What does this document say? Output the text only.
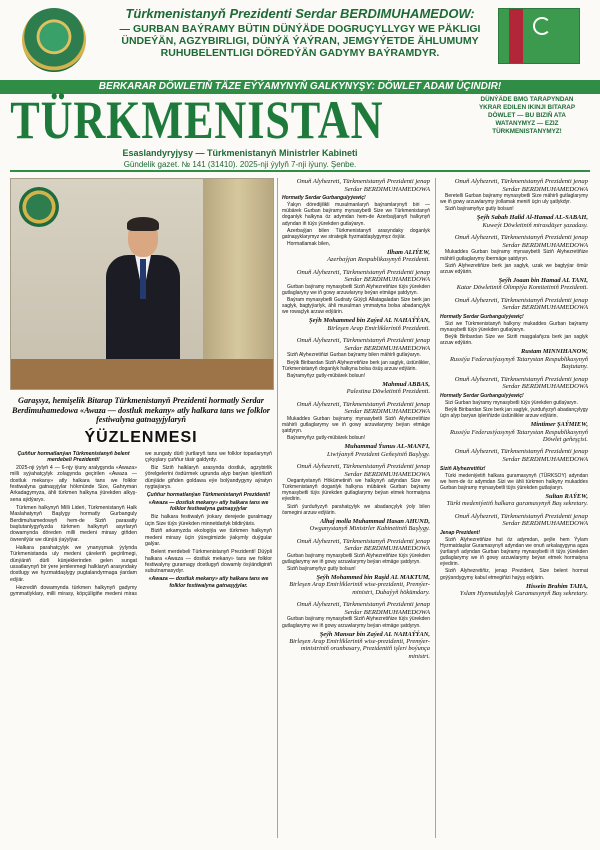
Türkmenistanyň Prezidenti Serdar BERDIMUHAMEDOW:
— GURBAN BAÝRAMY BÜTIN DÜNÝÄDE DOGRUÇYLLYGY WE PÄKLIGI ÜNDEÝÄN, AGZYBIRLIGI, DÜNÝÄ ÝAÝRAN, JEMGYÝETDE ÄHLUMUMY RUHUBELENTLIGI DÖREDÝÄN GADYMY BAÝRAMDYR.
BERKARAR DÖWLETIŇ TÄZE EÝÝAMYNYŇ GALKYNYŞY: DÖWLET ADAM ÜÇINDIR!
TÜRKMENISTAN	DÜNÝÄDE BMG TARAPYNDAN YKRAR EDILEN IKINJI BITARAP DÖWLET — BU BIZIŇ ATA WATANYMYZ — EZIZ TÜRKMENISTANYMYZ!
Esaslandyryjysy — Türkmenistanyň Ministrler Kabineti
Gündelik gazet. № 141 (31410). 2025-nji ýylyň 7-nji iýuny. Şenbe.
Garaşsyz, hemişelik Bitarap Türkmenistanyň Prezidenti hormatly Serdar Berdimuhamedowa «Awaza — dostluk mekany» atly halkara tans we folklor festiwalyna gatnaşyjylaryň
ÝÜZLENMESI

Çuňňur hormatlanýan Türkmenistanyň belent merdebeli Prezidenti!

2025-nji ýylyň 4 — 6-njy iýuny aralygynda «Awaza» milli syýahatçylyk zolagynda geçirilen «Awaza — dostluk mekany» atly halkara tans we folklor festiwalyna gatnaşyjylar hökmünde Size, Gahryman Arkadagymyza, ähli türkmen halkyna ýürekden alkyş-sena aýdýarys.

Türkmen halkynyň Milli Lideri, Türkmenistanyň Halk Maslahatynyň Başlygy hormatly Gurbanguly Berdimuhamedowyň hem-de Siziň parasatly baştutanlygyňyzda türkmen halkynyň asyrlaryň dowamynda döreden milli medeni mirasy giňden öwrenilýär we dünýä ýaýylýar.

Halkara parahatçylyk we ynanyşmak ýylynda Türkmenistanda uly medeni çäreleriň geçirilmegi, dünýäniň dürli künjeklerinden gelen sungat ussatlarynyň bir ýere jemlenmegi halklaryň arasyndaky dostlugy we hyzmatdaşlygy pugtalandyrmaga ýardam edýär.

Hezrediň dowamynda türkmen halkynyň gadymy gymmatlyklary, milli mirasy, köpçüligiňe medeni miras we sungaty dürli ýurtlaryň tans we folklor toparlarynyň çykyşlary çuňňur täsir galdyrdy.

Biz Siziň halklaryň arasynda dostluk, agzybirlik ýörelgelerini ösdürmek ugrunda alyp barýan işleriňiziň dünýäde giňden goldawa eýe bolýandygyny aýratyn nygtaýarys.

Çuňňur hormatlanýan Türkmenistanyň Prezidenti!

«Awaza — dostluk mekany» atly halkara tans we folklor festiwalyna gatnaşyjylar

Biz halkara festiwalyň ýokary derejede guralmagy üçin Size tüýs ýürekden minnetdarlyk bildirýäris.

Biziň arkamyzda ekologiýa we türkmen halkynyň medeni mirasy üçin ýüregimizde ýakymly duýgular galýar.

Belent merdebeli Türkmenistanyň Prezidenti! Düýpli halkara «Awaza — dostluk mekany» tans we folklor festiwalyny guramagy dostlugyň dowamly ösýändiginiň subutnamasydyr.

«Awaza — dostluk mekany» atly halkara tans we folklor festiwalyna gatnaşyjylar.

Onuň Alyhezreti, Türkmenistanyň Prezidenti jenap Serdar BERDIMUHAMEDOWA
Hormatly Serdar Gurbangulyýewiç!

Ýakyn döredijilikli musulmanlaryň baýramlarynyň biri — mübärek Gurban baýramy mynasybetli Size we Türkmenistanyň doganlyk halkyna öz adymdan hem-de Azerbaýjanyň halkynyň adyndan iň tüýs ýürekden gutlaýaryn.

Azerbaýjan bilen Türkmenistanyň arasyndaky doganlyk gatnaşyklarymyz we strategik hyzmatdaşlygymyz ösýär.

Hormatlamak bilen,

Ilham ALIÝEW,
Azerbaýjan Respublikasynyň Prezidenti.
Onuň Alyhezreti, Türkmenistanyň Prezidenti jenap Serdar BERDIMUHAMEDOWA

Gurban baýramy mynasybetli Siziň Alyhezretiňize tüýs ýürekden gutlaglaryny we iň gowy arzuwlaryny beýan etmäge şatdyryn.

Baýram mynasybetli Gudraty Güýçli Allatagaladan Size berk jan saglyk, bagtyýarlyk, ähli musulman ymmatyna bolsa abadançylyk we rowaçlyk arzuw edýärin.

Şeýh Mohammed bin Zaýed AL NAHAÝÝAN,
Birleşen Arap Emirlikleriniň Prezidenti.
Onuň Alyhezreti, Türkmenistanyň Prezidenti jenap Serdar BERDIMUHAMEDOWA

Siziň Alyhezretiňizi Gurban baýramy bilen mähirli gutlaýaryn.

Beýik Biribardan Siziň Alyhezretiňize berk jan saglyk, üstünlikler, Türkmenistanyň doganlyk halkyna bolsa ösüş arzuw edýärin.

Baýramyňyz gutly-mübärek bolsun!

Mahmud ABBAS,
Palestina Döwletiniň Prezidenti.
Onuň Alyhezreti, Türkmenistanyň Prezidenti jenap Serdar BERDIMUHAMEDOWA

Mukaddes Gurban baýramy mynasybetli Siziň Alyhezretiňize mähirli gutlaglarymy we iň gowy arzuwlarymy beýan etmäge şatdyryn.

Baýramyňyz gutly-mübärek bolsun!

Muhammad Ýunus AL-MANFI,
Liwiýanyň Prezident Geňeşiniň Başlygy.
Onuň Alyhezreti, Türkmenistanyň Prezidenti jenap Serdar BERDIMUHAMEDOWA

Oegantystanyň Hökümetiniň we halkynyň adyndan Size we Türkmenistanyň doganlyk halkyna mübärek Gurban baýramy mynasybetli tüýs ýürekden gutlaglarymy beýan etmek hormatyna eýedirin.

Siziň ýurduňyzyň parahatçylyk we abadançylyk ýoly bilen ösmegini arzuw edýärin.

Alhaj molla Muhammad Hasan AHUND,
Owganystanyň Ministrler Kabinetiniň Başlygy.
Onuň Alyhezreti, Türkmenistanyň Prezidenti jenap Serdar BERDIMUHAMEDOWA

Gurban baýramy mynasybetli Siziň Alyhezretiňize tüýs ýürekden gutlaglarymy we iň gowy arzuwlarymy beýan etmäge şatdyryn.

Siziň baýramyňyz gutly bolsun!

Şeýh Mohammed bin Raşid AL MAKTUM,
Birleşen Arap Emirlikleriniň wise-prezidenti, Premýer-ministri, Dubaýyň hökümdary.
Onuň Alyhezreti, Türkmenistanyň Prezidenti jenap Serdar BERDIMUHAMEDOWA

Gurban baýramy mynasybetli Siziň Alyhezretiňize tüýs ýürekden gutlaglarymy we iň gowy arzuwlarymy beýan etmäge şatdyryn.

Şeýh Mansur bin Zaýed AL NAHAÝÝAN,
Birleşen Arap Emirlikleriniň wise-prezidenti, Premýer-ministriniň orunbasary, Prezidentiň işleri boýunça ministri.
Onuň Alyhezreti, Türkmenistanyň Prezidenti jenap Serdar BERDIMUHAMEDOWA

Beretelli Gurban baýramy mynasybetli Size mähirli gutlaglarymy we iň gowy arzuwlarymy ýollamak meniň üçin uly şatlykdyr.

Siziň baýramyňyz gutly bolsun!

Şeýh Sabah Halid Al-Hamad AL-SABAH,
Kuweýt Döwletiniň mirasdüşer şazadasy.
Onuň Alyhezreti, Türkmenistanyň Prezidenti jenap Serdar BERDIMUHAMEDOWA

Mukaddes Gurban baýramy mynasybetli Siziň Alyhezretiňize mähirli gutlaglarymy ibermäge şatdyryn.

Siziň Alyhezretiňize berk jan saglyk, uzak we bagtyýar ömür arzuw edýärin.

Şeýh Joaan bin Hamad AL TANI,
Katar Döwletiniň Olimpiýa Komitetiniň Prezidenti.
Onuň Alyhezreti, Türkmenistanyň Prezidenti jenap Serdar BERDIMUHAMEDOWA
Hormatly Serdar Gurbangulyýewiç!

Sizi we Türkmenistanyň halkyny mukaddes Gurban baýramy mynasybetli tüýs ýürekden gutlaýaryn.

Beýik Biribardan Size we Siziň maşgalaňyza berk jan saglyk arzuw edýärin.

Rustam MINNIHANOW,
Russiýa Federasiýasynyň Tatarystan Respublikasynyň Baştutany.
Onuň Alyhezreti, Türkmenistanyň Prezidenti jenap Serdar BERDIMUHAMEDOWA
Hormatly Serdar Gurbangulyýewiç!

Sizi Gurban baýramy mynasybetli tüýs ýürekden gutlaýaryn.

Beýik Biribardan Size berk jan saglyk, ýurduňyzyň abadançylygy üçin alyp barýan işleriňizde üstünlikler arzuw edýärin.

Mintimer ŞAÝMIEW,
Russiýa Federasiýasynyň Tatarystan Respublikasynyň Döwlet geňeşçisi.
Onuň Alyhezreti, Türkmenistanyň Prezidenti jenap Serdar BERDIMUHAMEDOWA
Siziň Alyhezretiňiz!

Türki medeniýetiň halkara guramasynyň (TÜRKSOY) adyndan we hem-de öz adymdan Sizi we ähli türkmen halkyny mukaddes Gurban baýramy mynasybetli tüýs ýürekden gutlaýaryn.

Sultan RAÝEW,
Türki medeniýetiň halkara guramasynyň Baş sekretary.
Onuň Alyhezreti, Türkmenistanyň Prezidenti jenap Serdar BERDIMUHAMEDOWA
Jenap Prezident!

Siziň Alyhezretiňize hut öz adymdan, şeýle hem Ýylam Hyzmatdaşlar Guramasynyň adyndan we onuň arkalaşygyna agza ýurtlaryň adyndan Gurban baýramy mynasybetli iň tüýs ýürekden gutlaglarymy we iň gowy arzuwlarymy beýan etmek hormatyna eýedirin.

Siziň Alyhezretiňiz, jenap Prezident, Size belent hormat goýýandygymy kabul etmegiňizi haýyş edýärin.

Hissein Brahim TAHA,
Yslam Hyzmatdaşlyk Guramasynyň Baş sekretary.
